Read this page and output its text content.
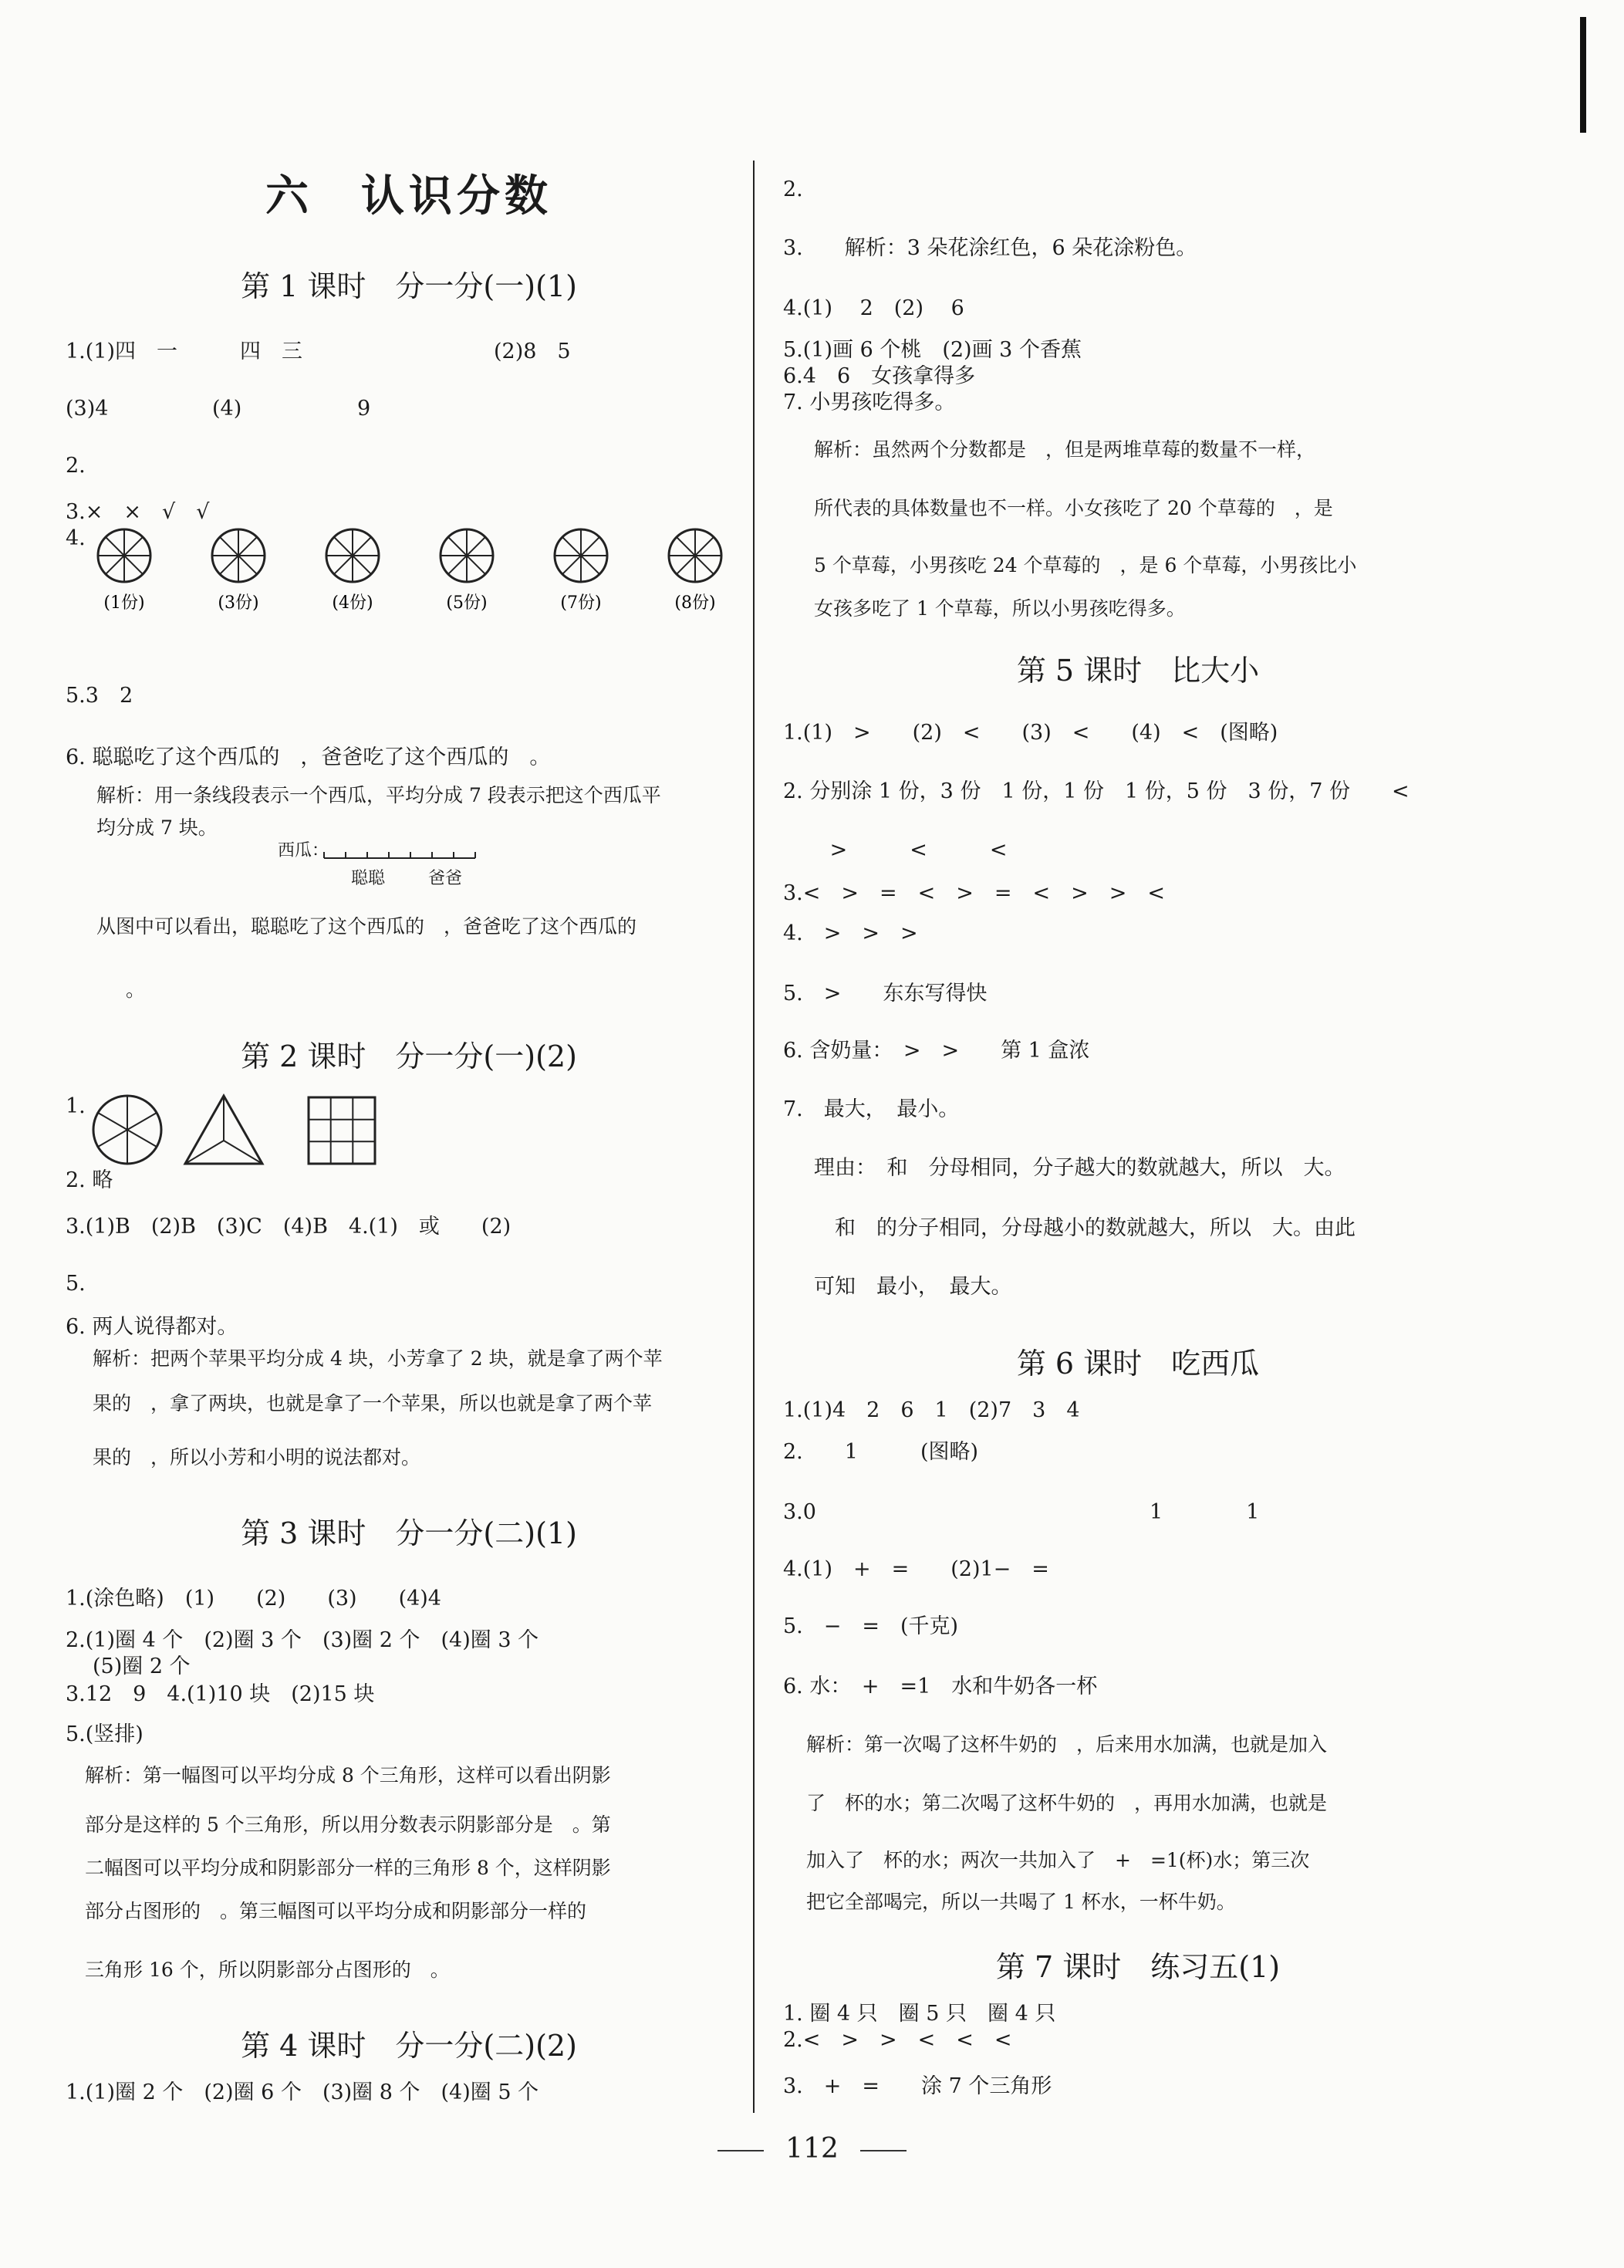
六　认识分数
第 1 课时　分一分(一)(1)
1.(1)四　一　　　四　三	(2)8　5
(3)4	(4)	9
2.
3.×　×　√　√
4.
(1份)	(3份)	(4份)	(5份)	(7份)	(8份)
5.3　2
6. 聪聪吃了这个西瓜的　，爸爸吃了这个西瓜的　。
解析：用一条线段表示一个西瓜，平均分成 7 段表示把这个西瓜平
均分成 7 块。
西瓜：
聪聪	爸爸
从图中可以看出，聪聪吃了这个西瓜的　，爸爸吃了这个西瓜的
。
第 2 课时　分一分(一)(2)
1.
2. 略
3.(1)B　(2)B　(3)C　(4)B　4.(1)　或　　(2)
5.
6. 两人说得都对。
解析：把两个苹果平均分成 4 块，小芳拿了 2 块，就是拿了两个苹
果的　，拿了两块，也就是拿了一个苹果，所以也就是拿了两个苹
果的　，所以小芳和小明的说法都对。
第 3 课时　分一分(二)(1)
1.(涂色略)　(1)　　(2)　　(3)　　(4)4
2.(1)圈 4 个　(2)圈 3 个　(3)圈 2 个　(4)圈 3 个
(5)圈 2 个
3.12　9　4.(1)10 块　(2)15 块
5.(竖排)
解析：第一幅图可以平均分成 8 个三角形，这样可以看出阴影
部分是这样的 5 个三角形，所以用分数表示阴影部分是　。第
二幅图可以平均分成和阴影部分一样的三角形 8 个，这样阴影
部分占图形的　。第三幅图可以平均分成和阴影部分一样的
三角形 16 个，所以阴影部分占图形的　。
第 4 课时　分一分(二)(2)
1.(1)圈 2 个　(2)圈 6 个　(3)圈 8 个　(4)圈 5 个
2.
3.　　解析：3 朵花涂红色，6 朵花涂粉色。
4.(1)　 2　(2)　 6
5.(1)画 6 个桃　(2)画 3 个香蕉
6.4　6　女孩拿得多
7. 小男孩吃得多。
解析：虽然两个分数都是　，但是两堆草莓的数量不一样，
所代表的具体数量也不一样。小女孩吃了 20 个草莓的　，是
5 个草莓，小男孩吃 24 个草莓的　，是 6 个草莓，小男孩比小
女孩多吃了 1 个草莓，所以小男孩吃得多。
第 5 课时　比大小
1.(1)　>　　(2)　<　　(3)　<　　(4)　<　(图略)
2. 分别涂 1 份，3 份　1 份，1 份　1 份，5 份　3 份，7 份　　<
　 >　　　<　　　<
3.<　>　=　<　>　=　<　>　>　<
4.　>　>　>
5.　>　　东东写得快
6. 含奶量：　>　>　　第 1 盒浓
7.　最大，　最小。
理由：　和　分母相同，分子越大的数就越大，所以　大。
　和　的分子相同，分母越小的数就越大，所以　大。由此
可知　最小，　最大。
第 6 课时　吃西瓜
1.(1)4　2　6　1　(2)7　3　4
2.　　1　　　(图略)
3.0　　　　　　　　　　　　　　　　1　　　　1
4.(1)　+　=　　(2)1−　=
5.　−　=　(千克)
6. 水：　+　=1　水和牛奶各一杯
解析：第一次喝了这杯牛奶的　，后来用水加满，也就是加入
了　杯的水；第二次喝了这杯牛奶的　，再用水加满，也就是
加入了　杯的水；两次一共加入了　+　=1(杯)水；第三次
把它全部喝完，所以一共喝了 1 杯水，一杯牛奶。
第 7 课时　练习五(1)
1. 圈 4 只　圈 5 只　圈 4 只
2.<　>　>　<　<　<
3.　+　=　　涂 7 个三角形
112
